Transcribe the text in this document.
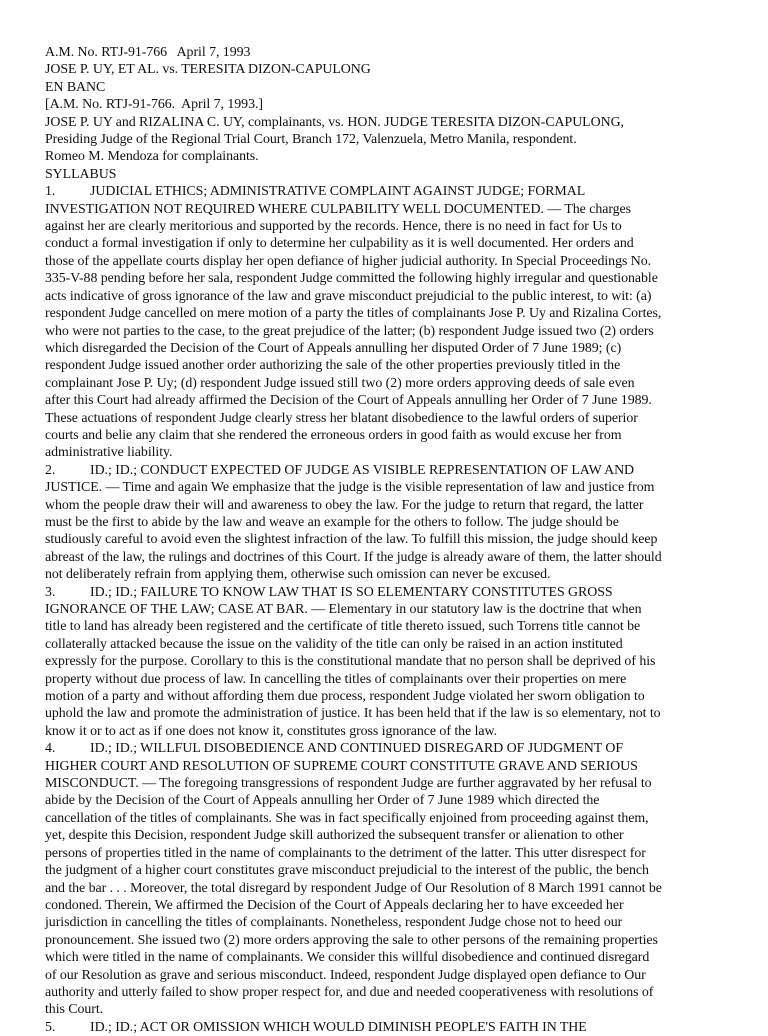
A.M. No. RTJ-91-766   April 7, 1993
JOSE P. UY, ET AL. vs. TERESITA DIZON-CAPULONG
EN BANC
[A.M. No. RTJ-91-766.  April 7, 1993.]
JOSE P. UY and RIZALINA C. UY, complainants, vs. HON. JUDGE TERESITA DIZON-CAPULONG,
Presiding Judge of the Regional Trial Court, Branch 172, Valenzuela, Metro Manila, respondent.
Romeo M. Mendoza for complainants.
SYLLABUS
1. JUDICIAL ETHICS; ADMINISTRATIVE COMPLAINT AGAINST JUDGE; FORMAL
INVESTIGATION NOT REQUIRED WHERE CULPABILITY WELL DOCUMENTED. — The charges
against her are clearly meritorious and supported by the records. Hence, there is no need in fact for Us to
conduct a formal investigation if only to determine her culpability as it is well documented. Her orders and
those of the appellate courts display her open defiance of higher judicial authority. In Special Proceedings No.
335-V-88 pending before her sala, respondent Judge committed the following highly irregular and questionable
acts indicative of gross ignorance of the law and grave misconduct prejudicial to the public interest, to wit: (a)
respondent Judge cancelled on mere motion of a party the titles of complainants Jose P. Uy and Rizalina Cortes,
who were not parties to the case, to the great prejudice of the latter; (b) respondent Judge issued two (2) orders
which disregarded the Decision of the Court of Appeals annulling her disputed Order of 7 June 1989; (c)
respondent Judge issued another order authorizing the sale of the other properties previously titled in the
complainant Jose P. Uy; (d) respondent Judge issued still two (2) more orders approving deeds of sale even
after this Court had already affirmed the Decision of the Court of Appeals annulling her Order of 7 June 1989.
These actuations of respondent Judge clearly stress her blatant disobedience to the lawful orders of superior
courts and belie any claim that she rendered the erroneous orders in good faith as would excuse her from
administrative liability.
2. ID.; ID.; CONDUCT EXPECTED OF JUDGE AS VISIBLE REPRESENTATION OF LAW AND
JUSTICE. — Time and again We emphasize that the judge is the visible representation of law and justice from
whom the people draw their will and awareness to obey the law. For the judge to return that regard, the latter
must be the first to abide by the law and weave an example for the others to follow. The judge should be
studiously careful to avoid even the slightest infraction of the law. To fulfill this mission, the judge should keep
abreast of the law, the rulings and doctrines of this Court. If the judge is already aware of them, the latter should
not deliberately refrain from applying them, otherwise such omission can never be excused.
3. ID.; ID.; FAILURE TO KNOW LAW THAT IS SO ELEMENTARY CONSTITUTES GROSS
IGNORANCE OF THE LAW; CASE AT BAR. — Elementary in our statutory law is the doctrine that when
title to land has already been registered and the certificate of title thereto issued, such Torrens title cannot be
collaterally attacked because the issue on the validity of the title can only be raised in an action instituted
expressly for the purpose. Corollary to this is the constitutional mandate that no person shall be deprived of his
property without due process of law. In cancelling the titles of complainants over their properties on mere
motion of a party and without affording them due process, respondent Judge violated her sworn obligation to
uphold the law and promote the administration of justice. It has been held that if the law is so elementary, not to
know it or to act as if one does not know it, constitutes gross ignorance of the law.
4. ID.; ID.; WILLFUL DISOBEDIENCE AND CONTINUED DISREGARD OF JUDGMENT OF
HIGHER COURT AND RESOLUTION OF SUPREME COURT CONSTITUTE GRAVE AND SERIOUS
MISCONDUCT. — The foregoing transgressions of respondent Judge are further aggravated by her refusal to
abide by the Decision of the Court of Appeals annulling her Order of 7 June 1989 which directed the
cancellation of the titles of complainants. She was in fact specifically enjoined from proceeding against them,
yet, despite this Decision, respondent Judge skill authorized the subsequent transfer or alienation to other
persons of properties titled in the name of complainants to the detriment of the latter. This utter disrespect for
the judgment of a higher court constitutes grave misconduct prejudicial to the interest of the public, the bench
and the bar . . . Moreover, the total disregard by respondent Judge of Our Resolution of 8 March 1991 cannot be
condoned. Therein, We affirmed the Decision of the Court of Appeals declaring her to have exceeded her
jurisdiction in cancelling the titles of complainants. Nonetheless, respondent Judge chose not to heed our
pronouncement. She issued two (2) more orders approving the sale to other persons of the remaining properties
which were titled in the name of complainants. We consider this willful disobedience and continued disregard
of our Resolution as grave and serious misconduct. Indeed, respondent Judge displayed open defiance to Our
authority and utterly failed to show proper respect for, and due and needed cooperativeness with resolutions of
this Court.
5. ID.; ID.; ACT OR OMISSION WHICH WOULD DIMINISH PEOPLE'S FAITH IN THE
